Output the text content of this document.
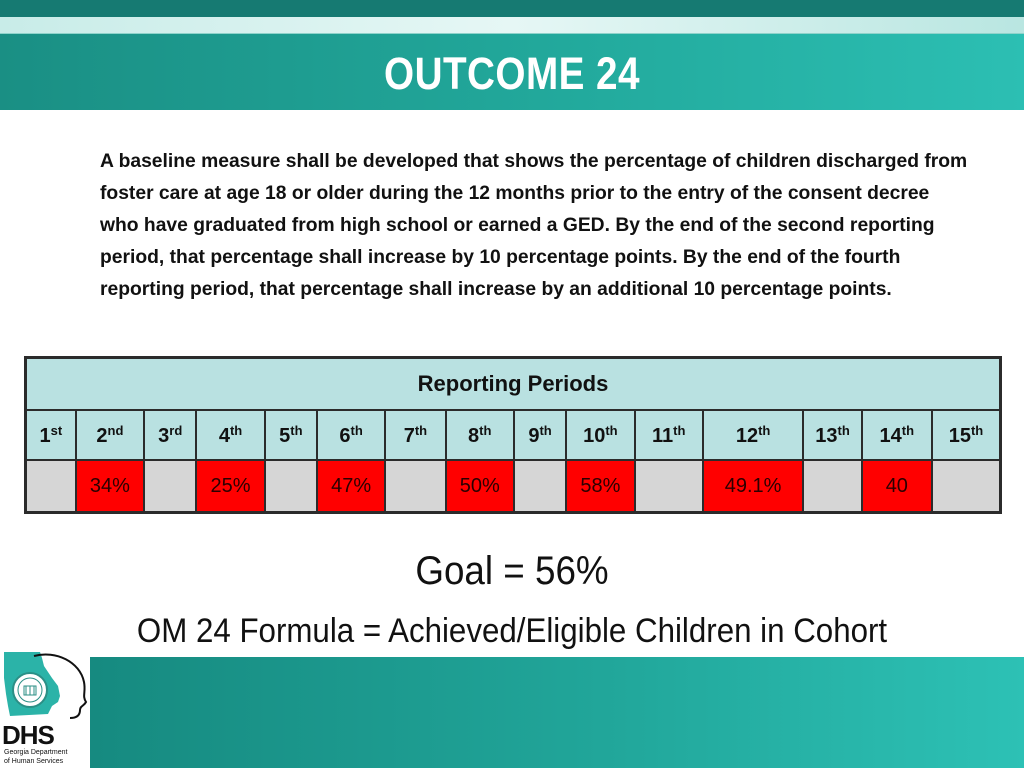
OUTCOME 24
A baseline measure shall be developed that shows the percentage of children discharged from foster care at age 18 or older during the 12 months prior to the entry of the consent decree who have graduated from high school or earned a GED. By the end of the second reporting period, that percentage shall increase by 10 percentage points. By the end of the fourth reporting period, that percentage shall increase by an additional 10 percentage points.
Reporting Periods														
1st	2nd	3rd	4th	5th	6th	7th	8th	9th	10th	11th	12th	13th	14th	15th
	34%		25%		47%		50%		58%		49.1%		40	
Goal = 56%
OM 24 Formula = Achieved/Eligible Children in Cohort
DHS
Georgia Department
of Human Services
